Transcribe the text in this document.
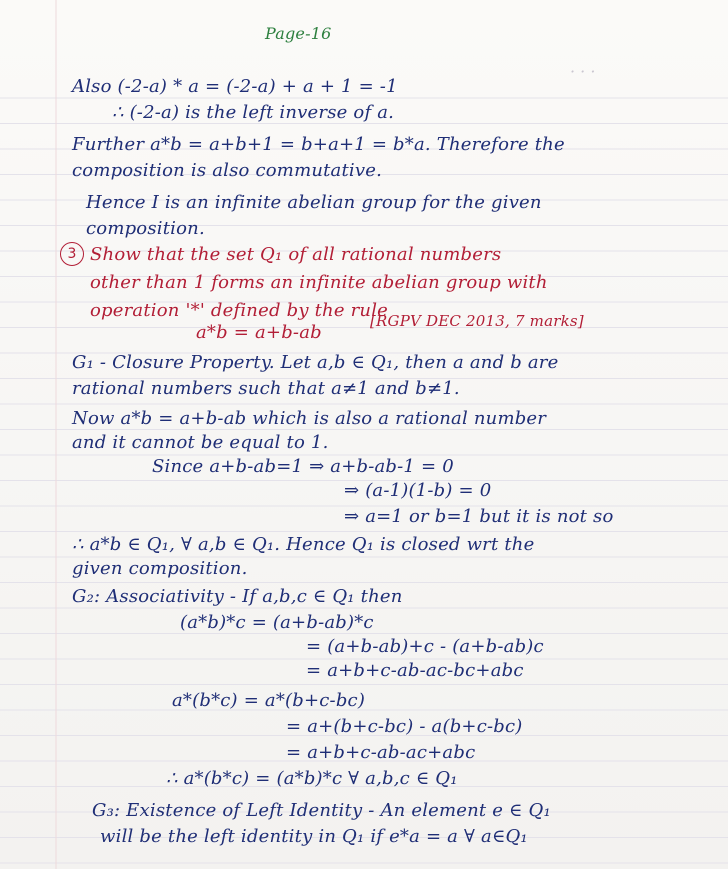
· · ·
Page-16
Also (-2-a) * a = (-2-a) + a + 1 = -1
∴ (-2-a) is the left inverse of a.
Further a*b = a+b+1 = b+a+1 = b*a. Therefore the
composition is also commutative.
Hence I is an infinite abelian group for the given
composition.
3 Show that the set Q₁ of all rational numbers
other than 1 forms an infinite abelian group with
operation '*' defined by the rule
a*b = a+b-ab
[RGPV DEC 2013, 7 marks]
G₁ - Closure Property. Let a,b ∈ Q₁, then a and b are
rational numbers such that a≠1 and b≠1.
Now a*b = a+b-ab which is also a rational number
and it cannot be equal to 1.
Since a+b-ab=1 ⇒ a+b-ab-1 = 0
⇒ (a-1)(1-b) = 0
⇒ a=1 or b=1 but it is not so
∴ a*b ∈ Q₁, ∀ a,b ∈ Q₁. Hence Q₁ is closed wrt the
given composition.
G₂: Associativity - If a,b,c ∈ Q₁ then
(a*b)*c = (a+b-ab)*c
= (a+b-ab)+c - (a+b-ab)c
= a+b+c-ab-ac-bc+abc
a*(b*c) = a*(b+c-bc)
= a+(b+c-bc) - a(b+c-bc)
= a+b+c-ab-ac+abc
∴ a*(b*c) = (a*b)*c ∀ a,b,c ∈ Q₁
G₃: Existence of Left Identity - An element e ∈ Q₁
will be the left identity in Q₁ if e*a = a ∀ a∈Q₁
